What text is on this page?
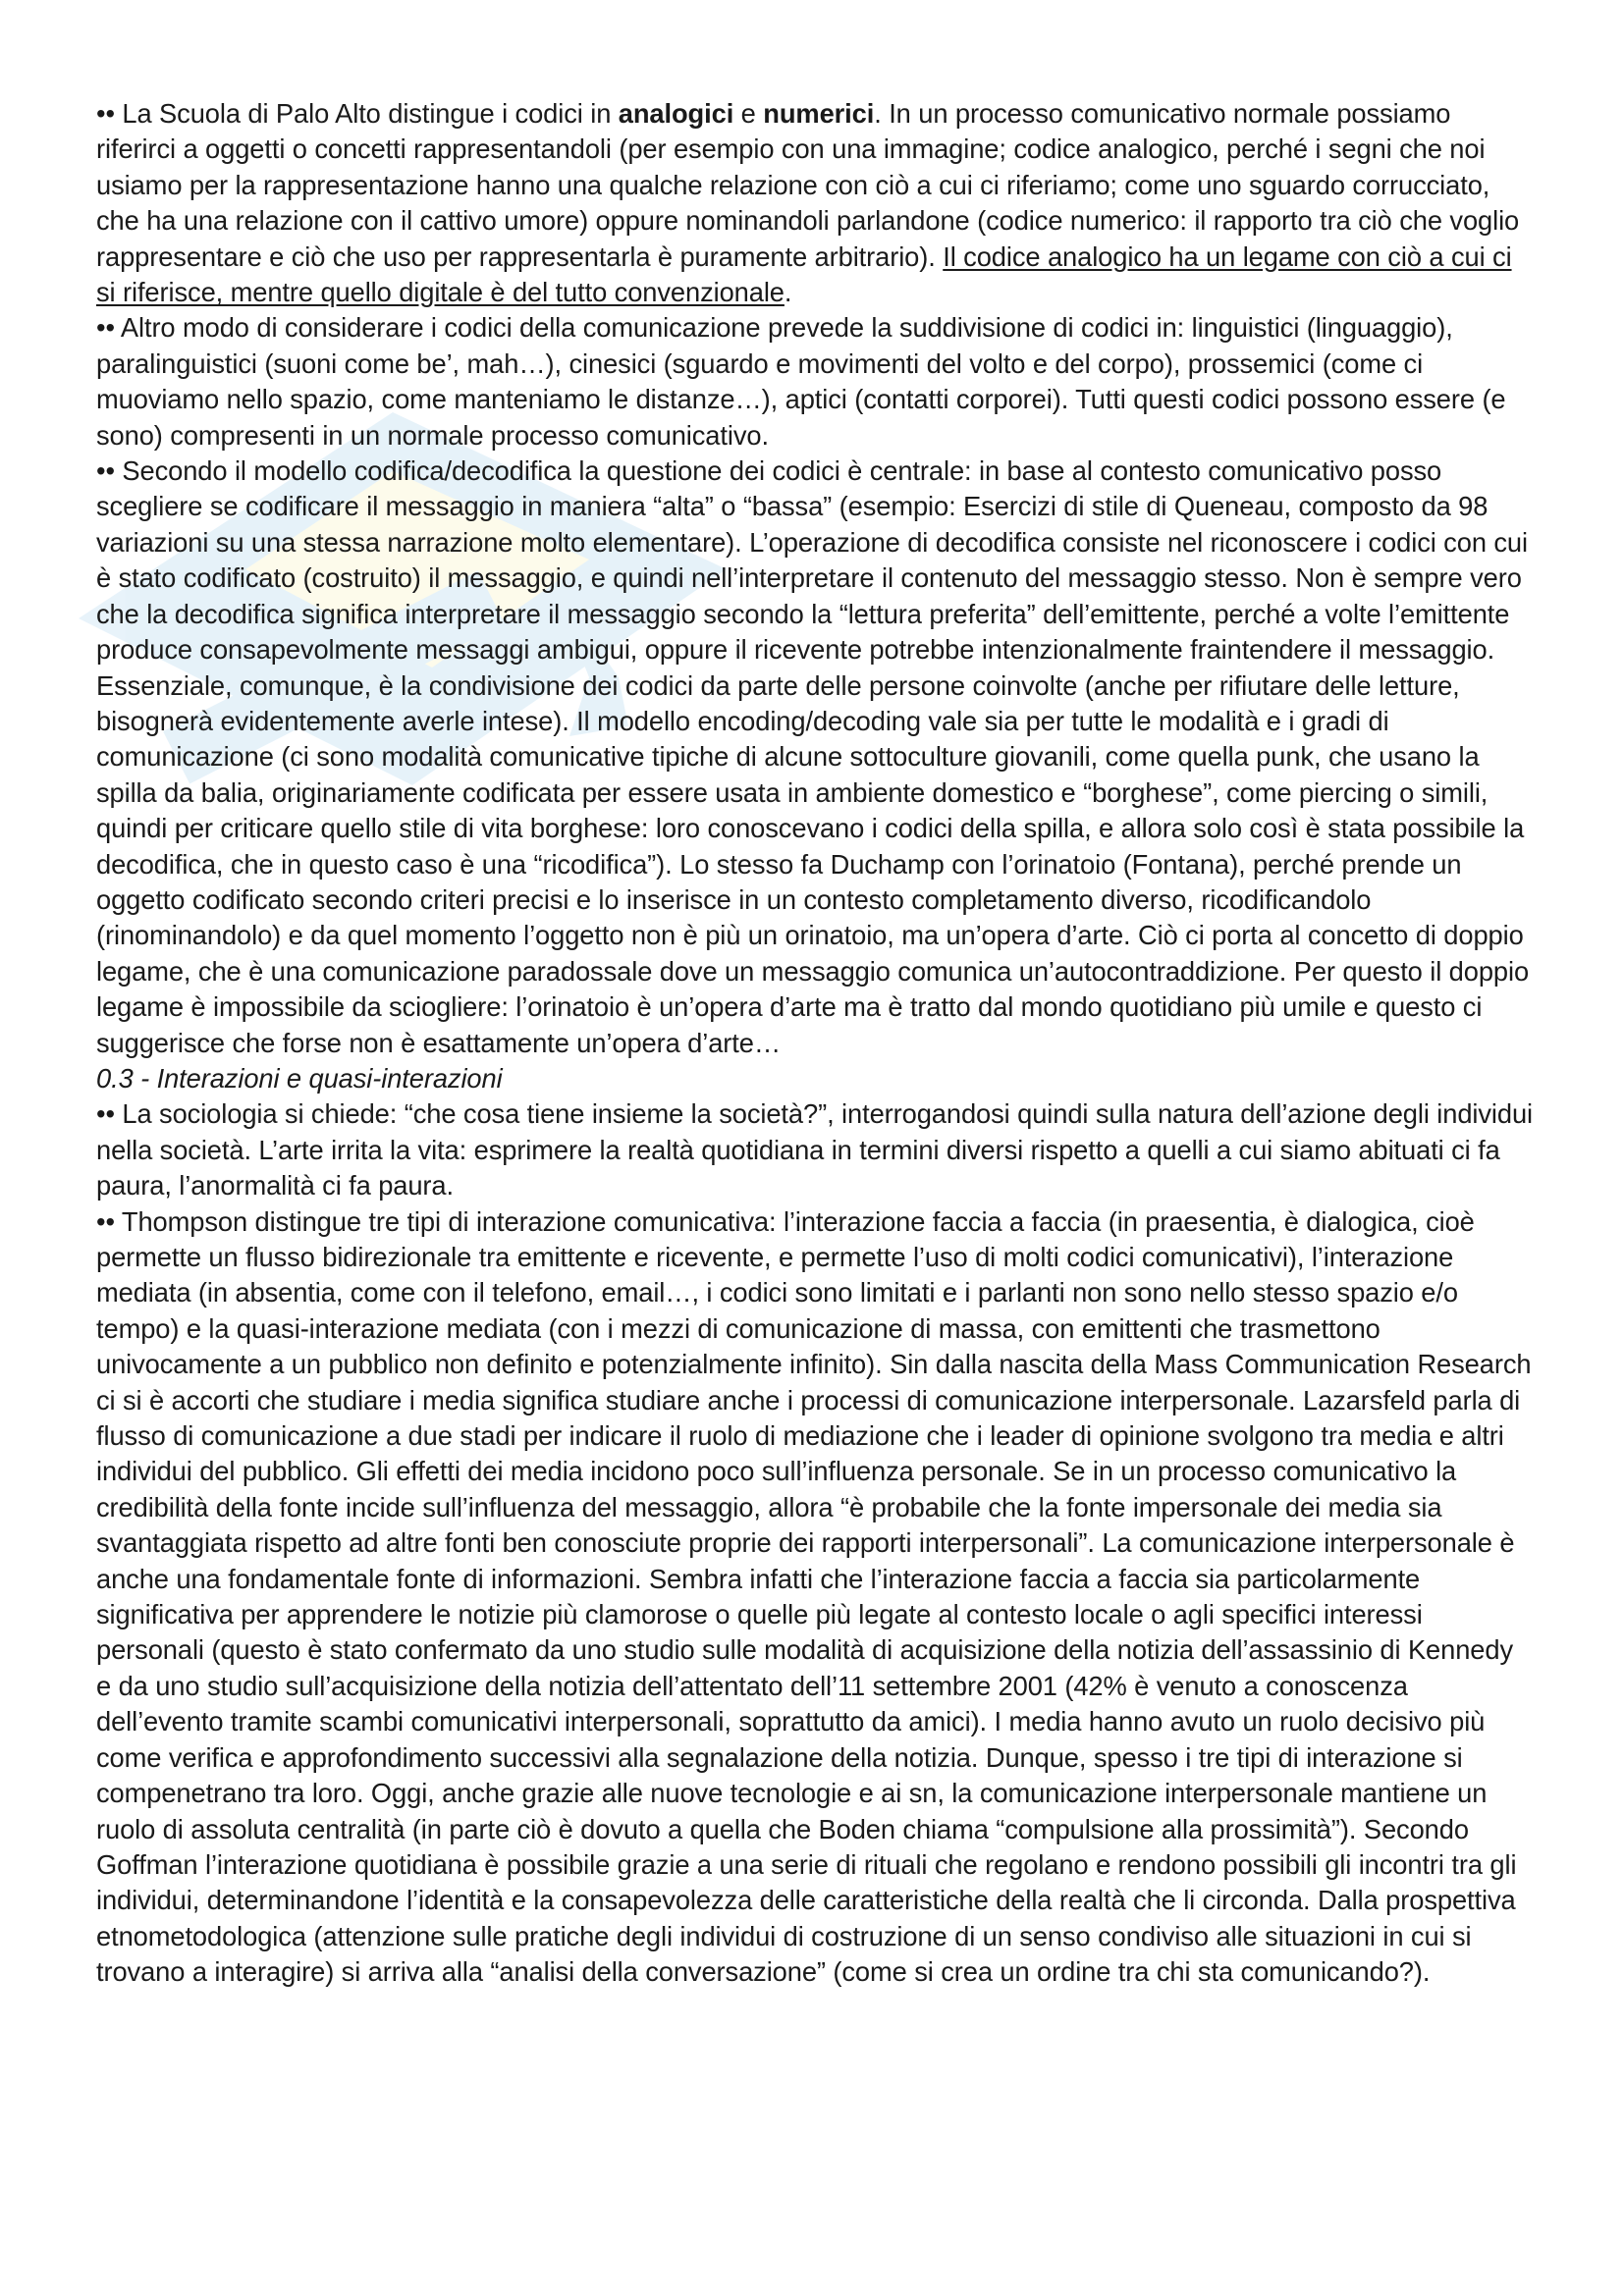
•• La Scuola di Palo Alto distingue i codici in analogici e numerici. In un processo comunicativo normale possiamo riferirci a oggetti o concetti rappresentandoli (per esempio con una immagine; codice analogico, perché i segni che noi usiamo per la rappresentazione hanno una qualche relazione con ciò a cui ci riferiamo; come uno sguardo corrucciato, che ha una relazione con il cattivo umore) oppure nominandoli parlandone (codice numerico: il rapporto tra ciò che voglio rappresentare e ciò che uso per rappresentarla è puramente arbitrario). Il codice analogico ha un legame con ciò a cui ci si riferisce, mentre quello digitale è del tutto convenzionale.

•• Altro modo di considerare i codici della comunicazione prevede la suddivisione di codici in: linguistici (linguaggio), paralinguistici (suoni come be’, mah…), cinesici (sguardo e movimenti del volto e del corpo), prossemici (come ci muoviamo nello spazio, come manteniamo le distanze…), aptici (contatti corporei). Tutti questi codici possono essere (e sono) compresenti in un normale processo comunicativo.

•• Secondo il modello codifica/decodifica la questione dei codici è centrale: in base al contesto comunicativo posso scegliere se codificare il messaggio in maniera “alta” o “bassa” (esempio: Esercizi di stile di Queneau, composto da 98 variazioni su una stessa narrazione molto elementare). L’operazione di decodifica consiste nel riconoscere i codici con cui è stato codificato (costruito) il messaggio, e quindi nell’interpretare il contenuto del messaggio stesso. Non è sempre vero che la decodifica significa interpretare il messaggio secondo la “lettura preferita” dell’emittente, perché a volte l’emittente produce consapevolmente messaggi ambigui, oppure il ricevente potrebbe intenzionalmente fraintendere il messaggio. Essenziale, comunque, è la condivisione dei codici da parte delle persone coinvolte (anche per rifiutare delle letture, bisognerà evidentemente averle intese). Il modello encoding/decoding vale sia per tutte le modalità e i gradi di comunicazione (ci sono modalità comunicative tipiche di alcune sottoculture giovanili, come quella punk, che usano la spilla da balia, originariamente codificata per essere usata in ambiente domestico e “borghese”, come piercing o simili, quindi per criticare quello stile di vita borghese: loro conoscevano i codici della spilla, e allora solo così è stata possibile la decodifica, che in questo caso è una “ricodifica”). Lo stesso fa Duchamp con l’orinatoio (Fontana), perché prende un oggetto codificato secondo criteri precisi e lo inserisce in un contesto completamento diverso, ricodificandolo (rinominandolo) e da quel momento l’oggetto non è più un orinatoio, ma un’opera d’arte. Ciò ci porta al concetto di doppio legame, che è una comunicazione paradossale dove un messaggio comunica un’autocontraddizione. Per questo il doppio legame è impossibile da sciogliere: l’orinatoio è un’opera d’arte ma è tratto dal mondo quotidiano più umile e questo ci suggerisce che forse non è esattamente un’opera d’arte…

0.3 - Interazioni e quasi-interazioni

•• La sociologia si chiede: “che cosa tiene insieme la società?”, interrogandosi quindi sulla natura dell’azione degli individui nella società. L’arte irrita la vita: esprimere la realtà quotidiana in termini diversi rispetto a quelli a cui siamo abituati ci fa paura, l’anormalità ci fa paura.

•• Thompson distingue tre tipi di interazione comunicativa: l’interazione faccia a faccia (in praesentia, è dialogica, cioè permette un flusso bidirezionale tra emittente e ricevente, e permette l’uso di molti codici comunicativi), l’interazione mediata (in absentia, come con il telefono, email…, i codici sono limitati e i parlanti non sono nello stesso spazio e/o tempo) e la quasi-interazione mediata (con i mezzi di comunicazione di massa, con emittenti che trasmettono univocamente a un pubblico non definito e potenzialmente infinito). Sin dalla nascita della Mass Communication Research ci si è accorti che studiare i media significa studiare anche i processi di comunicazione interpersonale. Lazarsfeld parla di flusso di comunicazione a due stadi per indicare il ruolo di mediazione che i leader di opinione svolgono tra media e altri individui del pubblico. Gli effetti dei media incidono poco sull’influenza personale. Se in un processo comunicativo la credibilità della fonte incide sull’influenza del messaggio, allora “è probabile che la fonte impersonale dei media sia svantaggiata rispetto ad altre fonti ben conosciute proprie dei rapporti interpersonali”. La comunicazione interpersonale è anche una fondamentale fonte di informazioni. Sembra infatti che l’interazione faccia a faccia sia particolarmente significativa per apprendere le notizie più clamorose o quelle più legate al contesto locale o agli specifici interessi personali (questo è stato confermato da uno studio sulle modalità di acquisizione della notizia dell’assassinio di Kennedy e da uno studio sull’acquisizione della notizia dell’attentato dell’11 settembre 2001 (42% è venuto a conoscenza dell’evento tramite scambi comunicativi interpersonali, soprattutto da amici). I media hanno avuto un ruolo decisivo più come verifica e approfondimento successivi alla segnalazione della notizia. Dunque, spesso i tre tipi di interazione si compenetrano tra loro. Oggi, anche grazie alle nuove tecnologie e ai sn, la comunicazione interpersonale mantiene un ruolo di assoluta centralità (in parte ciò è dovuto a quella che Boden chiama “compulsione alla prossimità”). Secondo Goffman l’interazione quotidiana è possibile grazie a una serie di rituali che regolano e rendono possibili gli incontri tra gli individui, determinandone l’identità e la consapevolezza delle caratteristiche della realtà che li circonda. Dalla prospettiva etnometodologica (attenzione sulle pratiche degli individui di costruzione di un senso condiviso alle situazioni in cui si trovano a interagire) si arriva alla “analisi della conversazione” (come si crea un ordine tra chi sta comunicando?).
